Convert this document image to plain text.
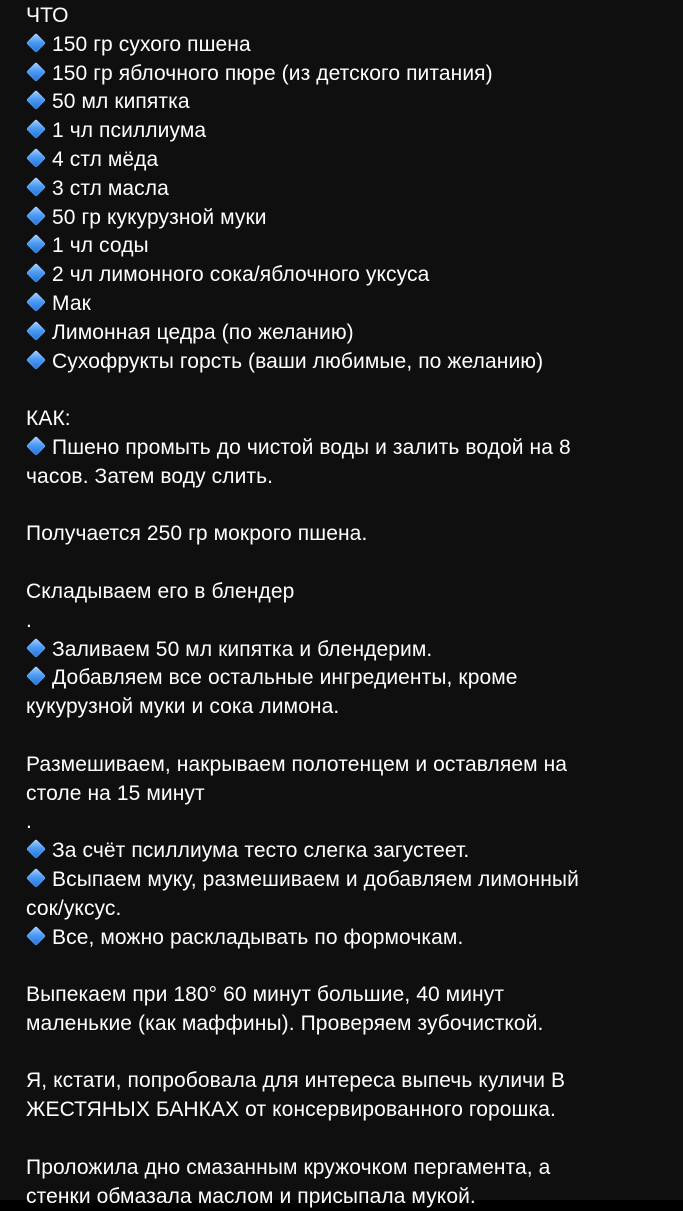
ЧТО
150 гр сухого пшена
150 гр яблочного пюре (из детского питания)
50 мл кипятка
1 чл псиллиума
4 стл мёда
3 стл масла
50 гр кукурузной муки
1 чл соды
2 чл лимонного сока/яблочного уксуса
Мак
Лимонная цедра (по желанию)
Сухофрукты горсть (ваши любимые, по желанию)
КАК:
Пшено промыть до чистой воды и залить водой на 8
часов. Затем воду слить.
Получается 250 гр мокрого пшена.
Складываем его в блендер
.
Заливаем 50 мл кипятка и блендерим.
Добавляем все остальные ингредиенты, кроме
кукурузной муки и сока лимона.
Размешиваем, накрываем полотенцем и оставляем на
столе на 15 минут
.
За счёт псиллиума тесто слегка загустеет.
Всыпаем муку, размешиваем и добавляем лимонный
сок/уксус.
Все, можно раскладывать по формочкам.
Выпекаем при 180° 60 минут большие, 40 минут
маленькие (как маффины). Проверяем зубочисткой.
Я, кстати, попробовала для интереса выпечь куличи В
ЖЕСТЯНЫХ БАНКАХ от консервированного горошка.
Проложила дно смазанным кружочком пергамента, а
стенки обмазала маслом и присыпала мукой.
